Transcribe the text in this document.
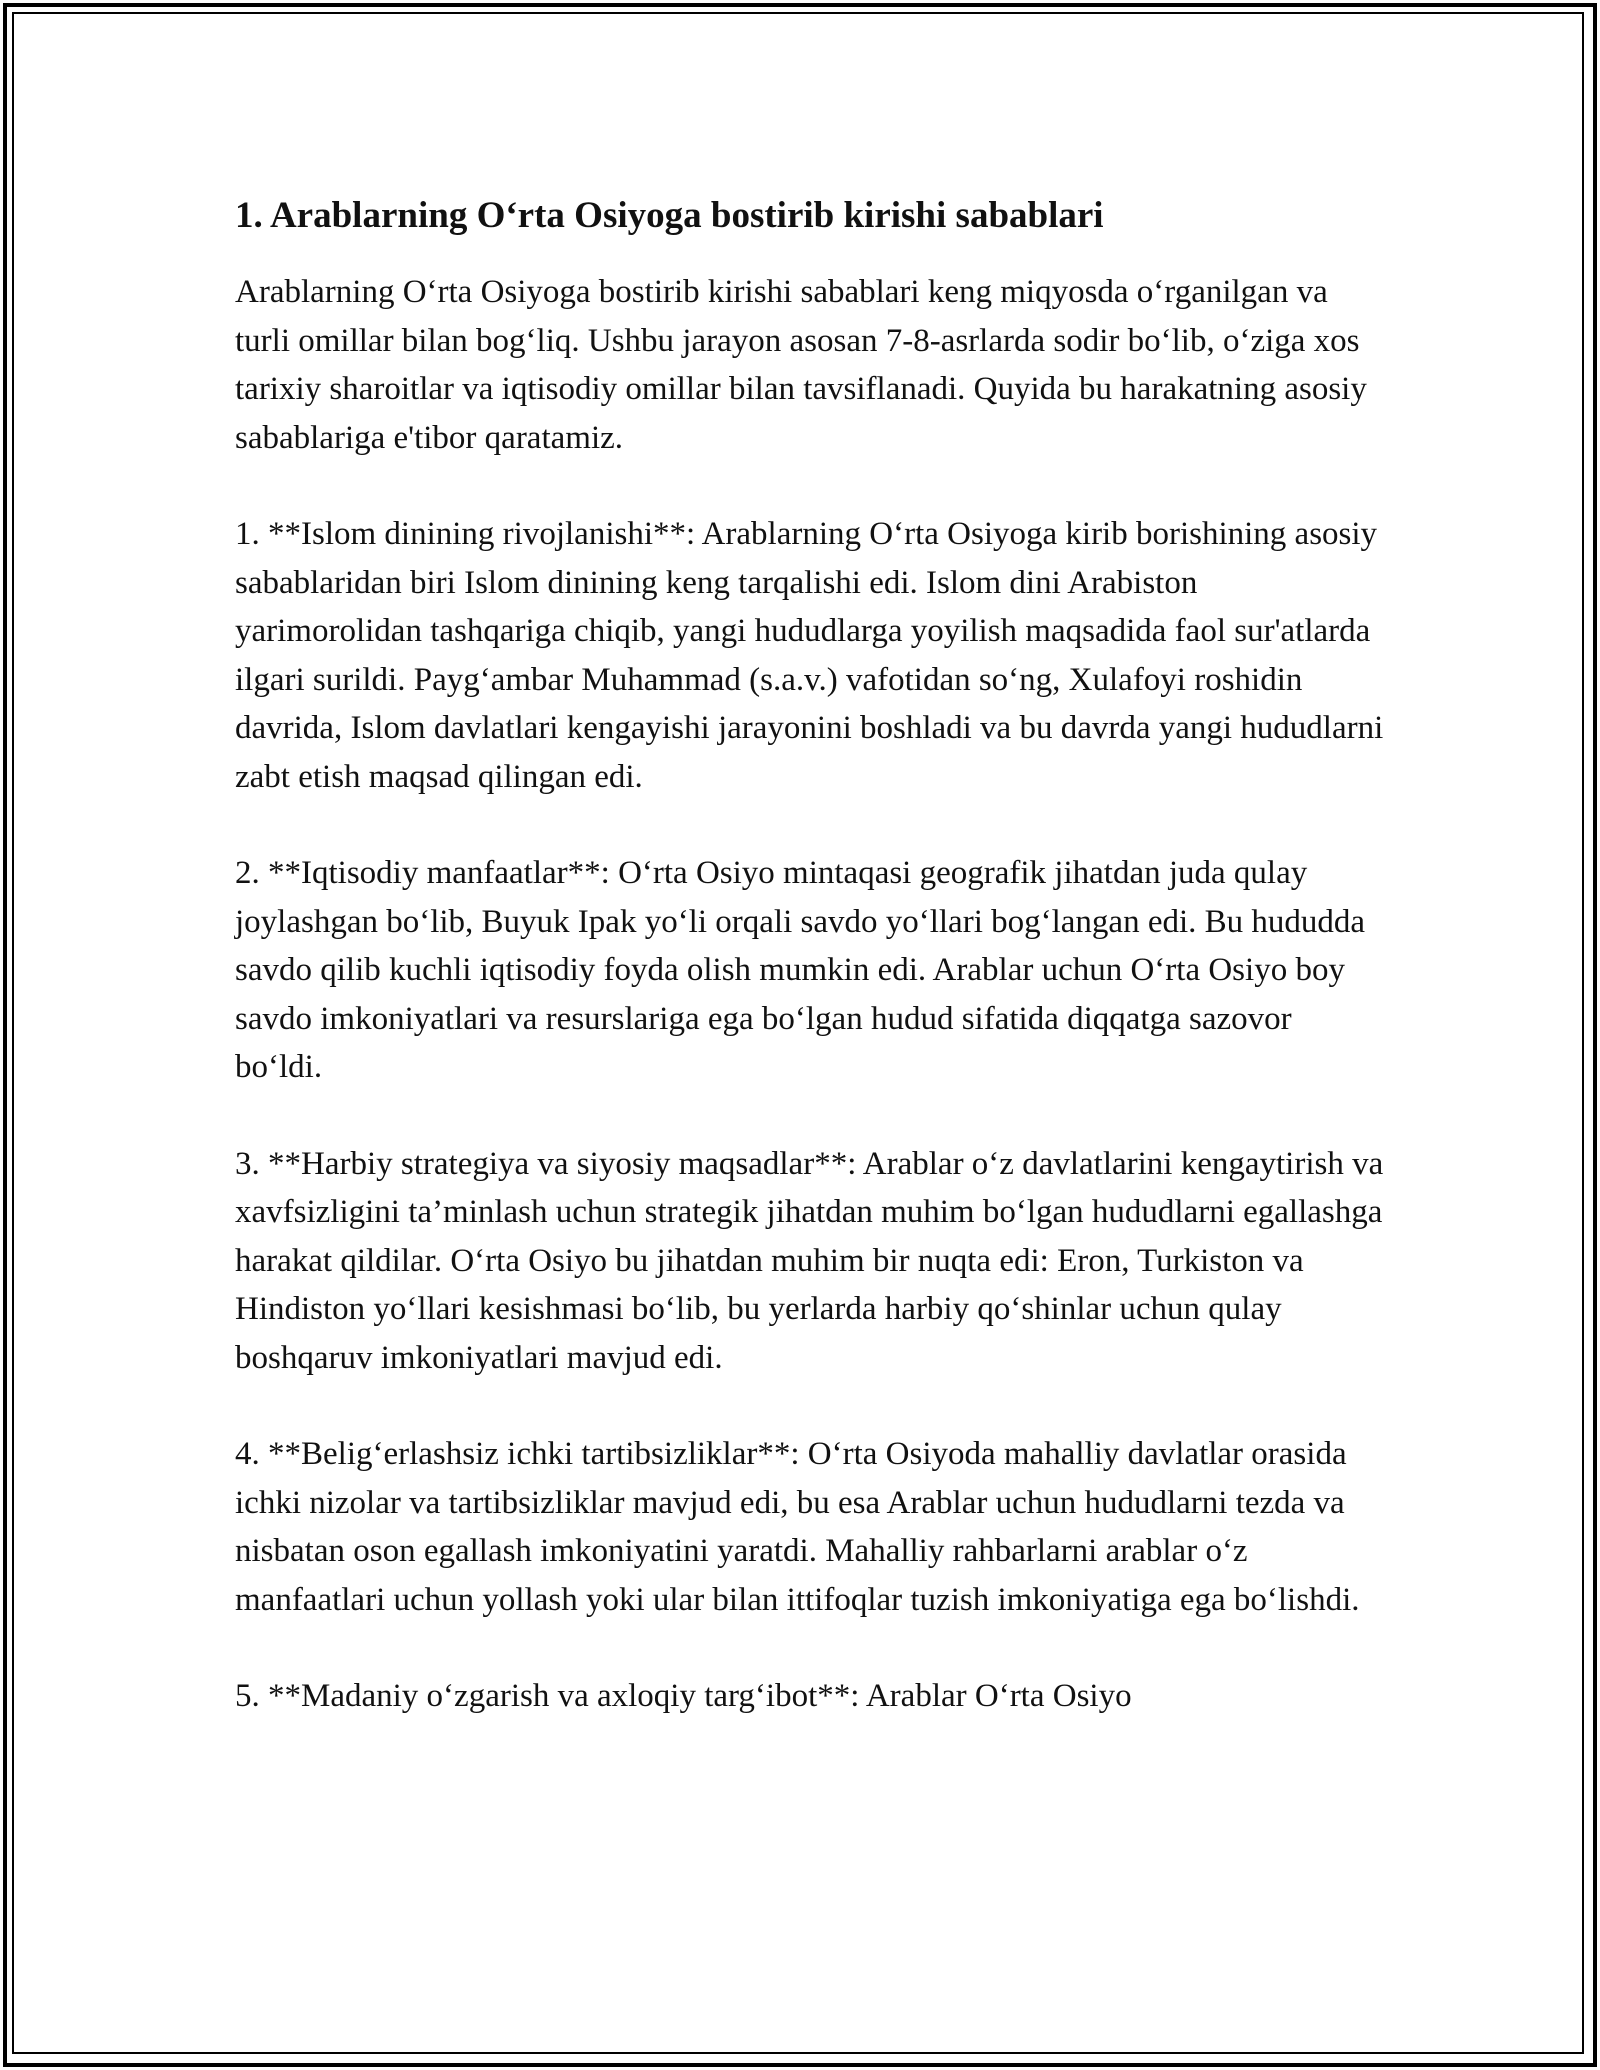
1. Arablarning O‘rta Osiyoga bostirib kirishi sabablari

Arablarning O‘rta Osiyoga bostirib kirishi sabablari keng miqyosda o‘rganilgan va turli omillar bilan bog‘liq. Ushbu jarayon asosan 7-8-asrlarda sodir bo‘lib, o‘ziga xos tarixiy sharoitlar va iqtisodiy omillar bilan tavsiflanadi. Quyida bu harakatning asosiy sabablariga e'tibor qaratamiz.

1. **Islom dinining rivojlanishi**: Arablarning O‘rta Osiyoga kirib borishining asosiy sabablaridan biri Islom dinining keng tarqalishi edi. Islom dini Arabiston yarimorolidan tashqariga chiqib, yangi hududlarga yoyilish maqsadida faol sur'atlarda ilgari surildi. Payg‘ambar Muhammad (s.a.v.) vafotidan so‘ng, Xulafoyi roshidin davrida, Islom davlatlari kengayishi jarayonini boshladi va bu davrda yangi hududlarni zabt etish maqsad qilingan edi.

2. **Iqtisodiy manfaatlar**: O‘rta Osiyo mintaqasi geografik jihatdan juda qulay joylashgan bo‘lib, Buyuk Ipak yo‘li orqali savdo yo‘llari bog‘langan edi. Bu hududda savdo qilib kuchli iqtisodiy foyda olish mumkin edi. Arablar uchun O‘rta Osiyo boy savdo imkoniyatlari va resurslariga ega bo‘lgan hudud sifatida diqqatga sazovor bo‘ldi.

3. **Harbiy strategiya va siyosiy maqsadlar**: Arablar o‘z davlatlarini kengaytirish va xavfsizligini ta’minlash uchun strategik jihatdan muhim bo‘lgan hududlarni egallashga harakat qildilar. O‘rta Osiyo bu jihatdan muhim bir nuqta edi: Eron, Turkiston va Hindiston yo‘llari kesishmasi bo‘lib, bu yerlarda harbiy qo‘shinlar uchun qulay boshqaruv imkoniyatlari mavjud edi.

4. **Belig‘erlashsiz ichki tartibsizliklar**: O‘rta Osiyoda mahalliy davlatlar orasida ichki nizolar va tartibsizliklar mavjud edi, bu esa Arablar uchun hududlarni tezda va nisbatan oson egallash imkoniyatini yaratdi. Mahalliy rahbarlarni arablar o‘z manfaatlari uchun yollash yoki ular bilan ittifoqlar tuzish imkoniyatiga ega bo‘lishdi.

5. **Madaniy o‘zgarish va axloqiy targ‘ibot**: Arablar O‘rta Osiyo
